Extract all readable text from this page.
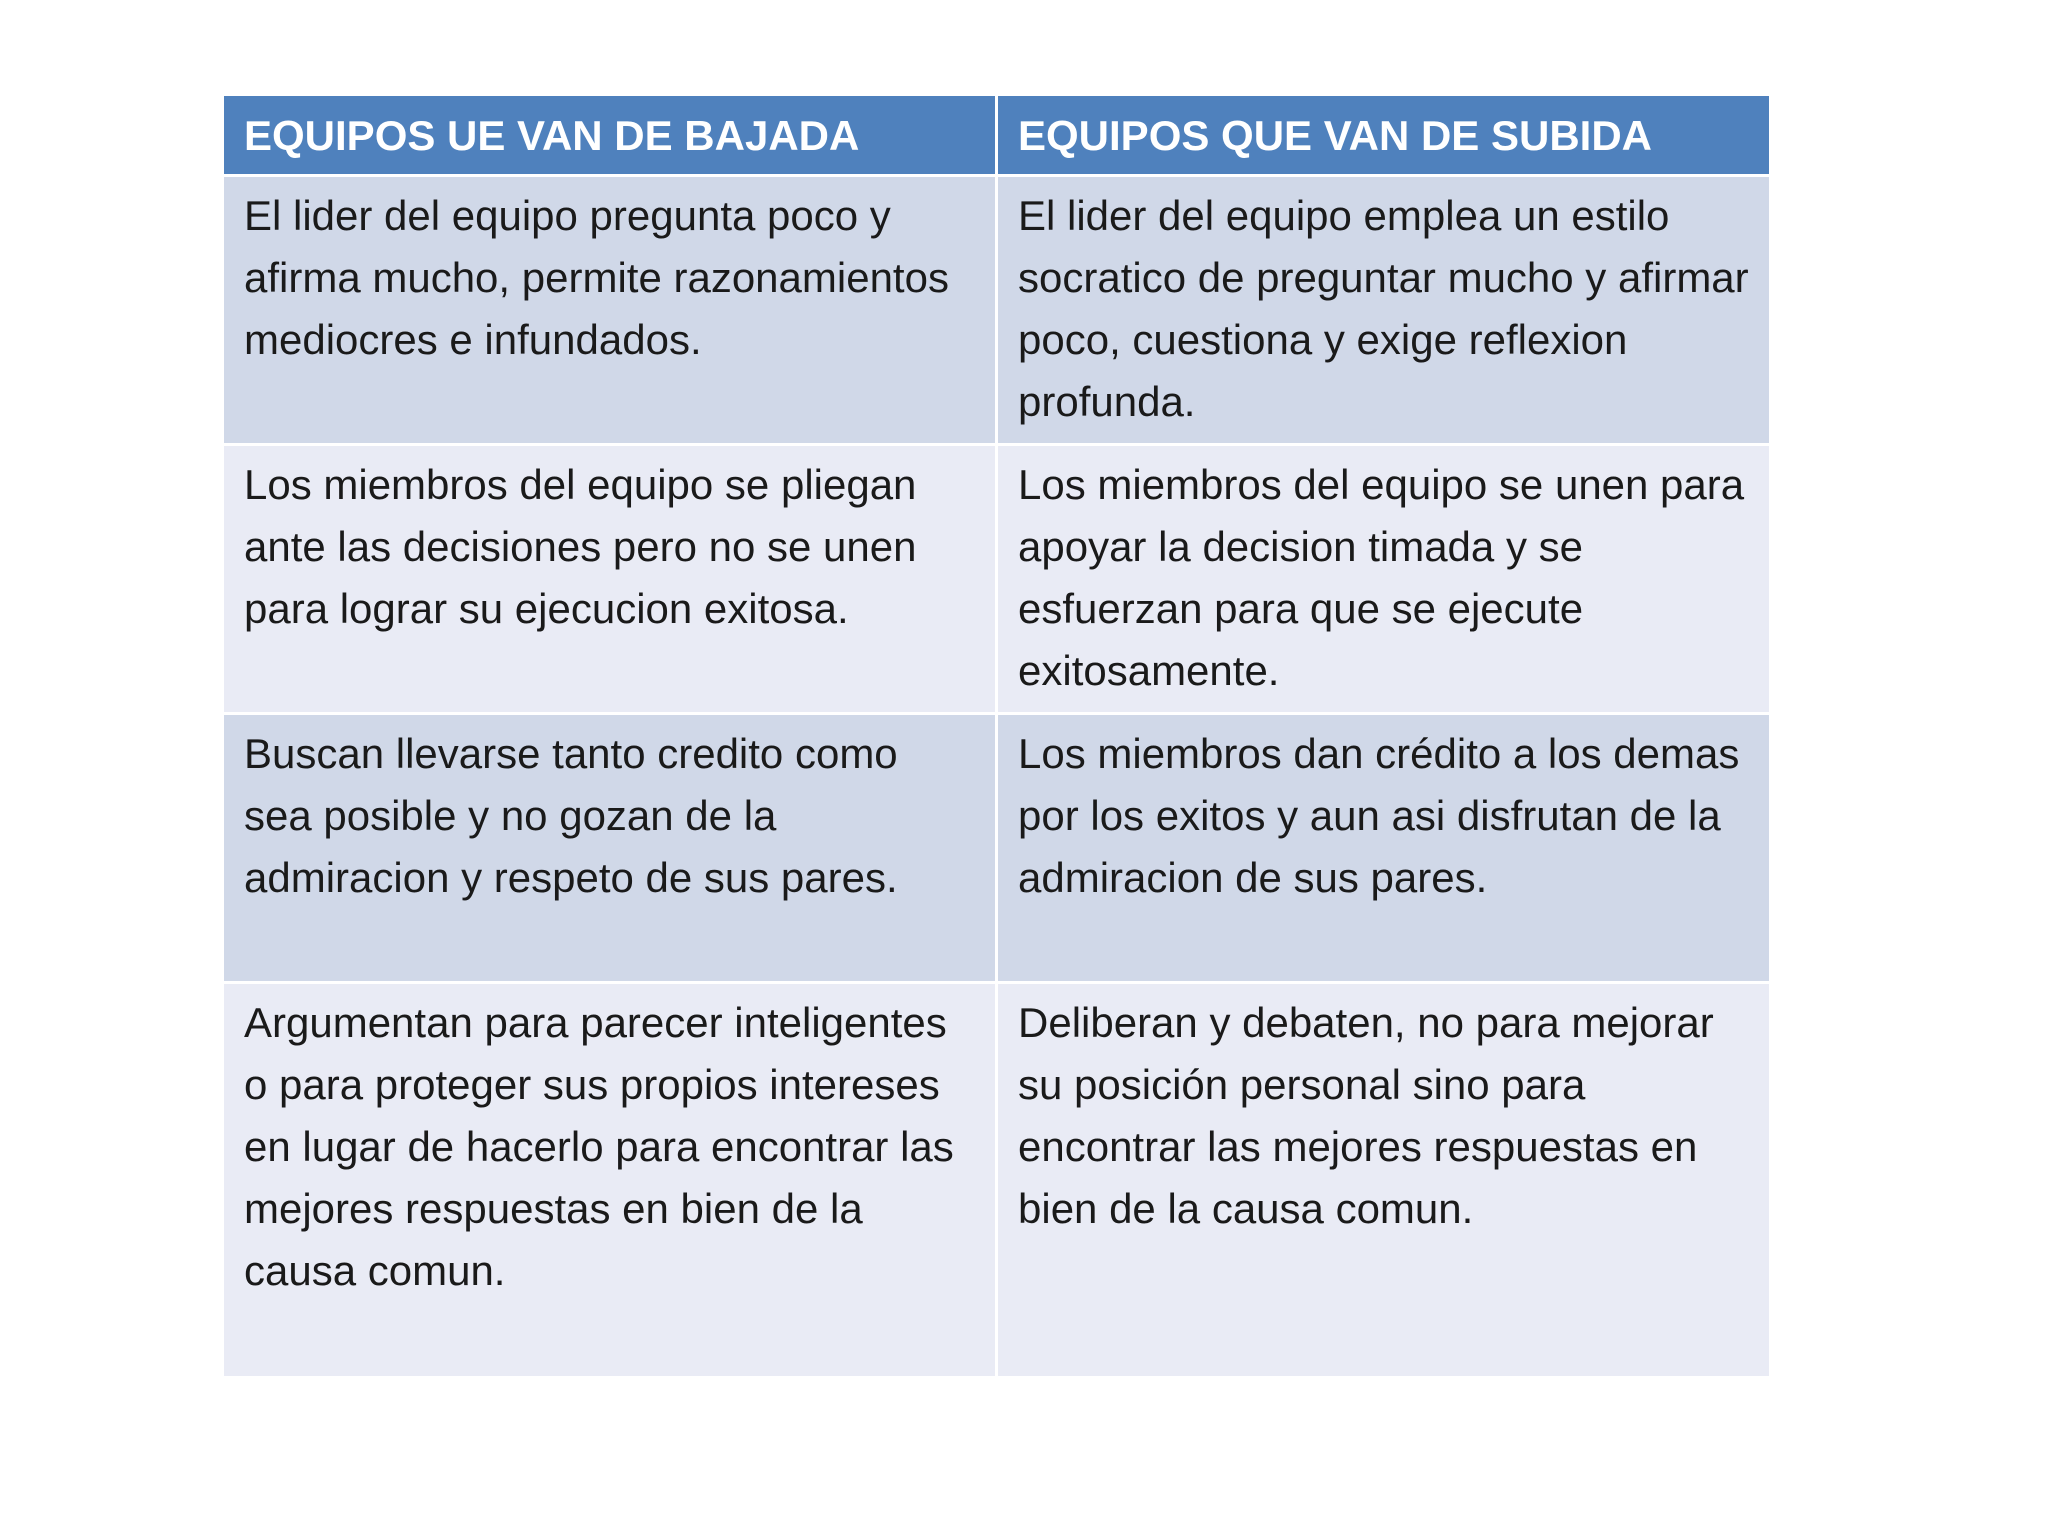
EQUIPOS UE VAN DE BAJADA	EQUIPOS QUE VAN DE SUBIDA
El lider del equipo pregunta poco y afirma mucho, permite razonamientos mediocres e infundados.	El lider del equipo emplea un estilo socratico de preguntar mucho y afirmar poco, cuestiona y exige reflexion profunda.
Los miembros del equipo se pliegan ante las decisiones pero no se unen para lograr su ejecucion exitosa.	Los miembros del equipo se unen para apoyar la decision timada y se esfuerzan para que se ejecute exitosamente.
Buscan llevarse tanto credito como sea posible y no gozan de la admiracion y respeto de sus pares.	Los miembros dan crédito a los demas por los exitos y aun asi disfrutan de la admiracion de sus pares.
Argumentan para parecer inteligentes o para proteger sus propios intereses en lugar de hacerlo para encontrar las mejores respuestas en bien de la causa comun.	Deliberan y debaten, no para mejorar su posición personal sino para encontrar las mejores respuestas en bien de la causa comun.
